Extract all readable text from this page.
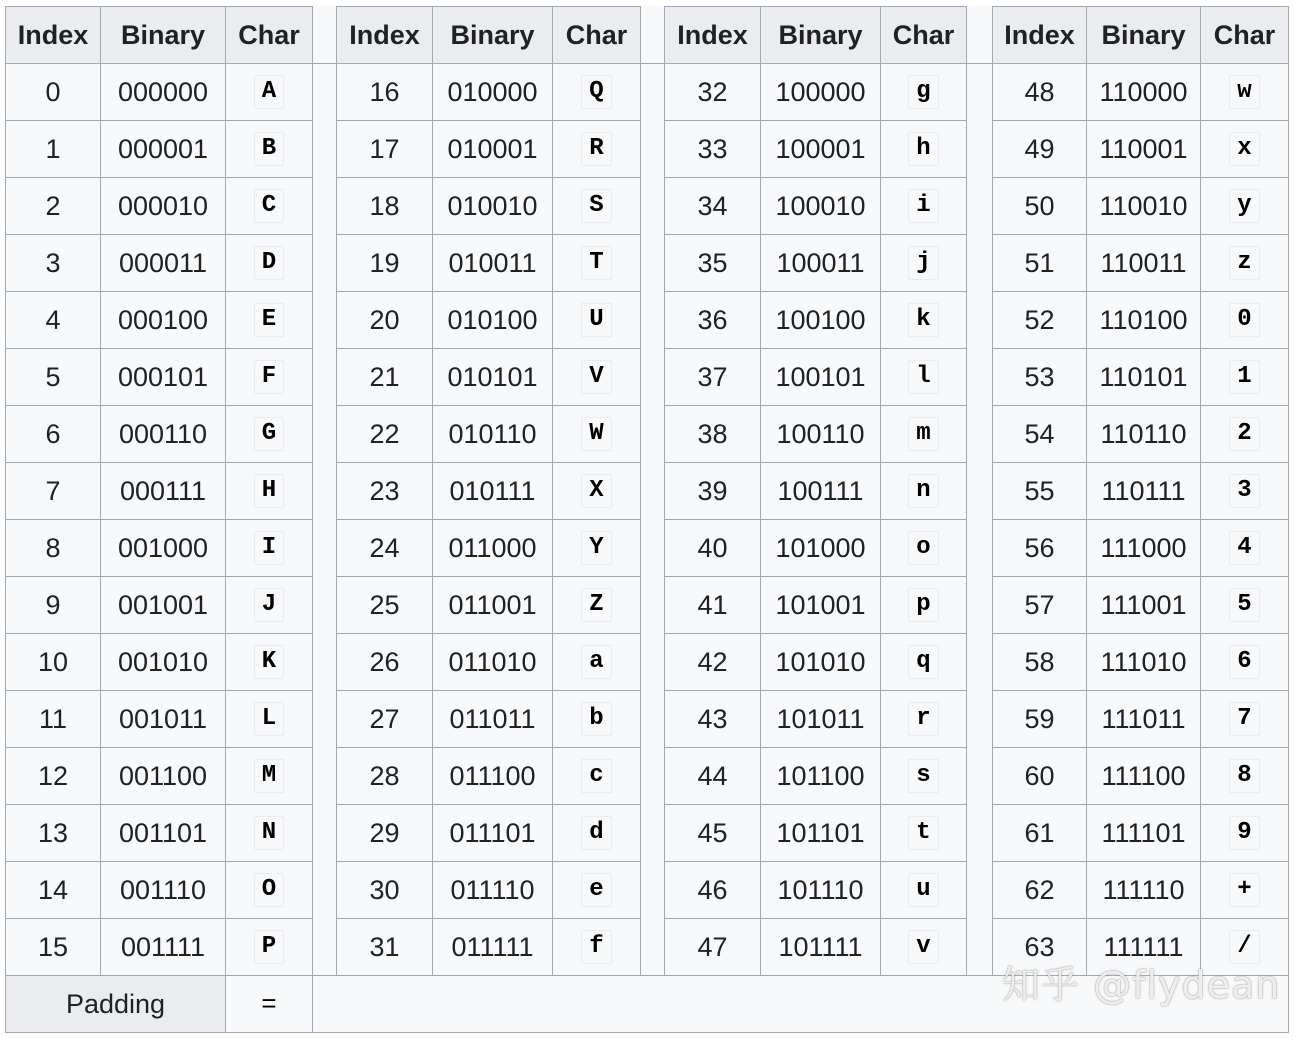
Index	Binary	Char		Index	Binary	Char		Index	Binary	Char		Index	Binary	Char
0	000000	A		16	010000	Q		32	100000	g		48	110000	w
1	000001	B		17	010001	R		33	100001	h		49	110001	x
2	000010	C		18	010010	S		34	100010	i		50	110010	y
3	000011	D		19	010011	T		35	100011	j		51	110011	z
4	000100	E		20	010100	U		36	100100	k		52	110100	0
5	000101	F		21	010101	V		37	100101	l		53	110101	1
6	000110	G		22	010110	W		38	100110	m		54	110110	2
7	000111	H		23	010111	X		39	100111	n		55	110111	3
8	001000	I		24	011000	Y		40	101000	o		56	111000	4
9	001001	J		25	011001	Z		41	101001	p		57	111001	5
10	001010	K		26	011010	a		42	101010	q		58	111010	6
11	001011	L		27	011011	b		43	101011	r		59	111011	7
12	001100	M		28	011100	c		44	101100	s		60	111100	8
13	001101	N		29	011101	d		45	101101	t		61	111101	9
14	001110	O		30	011110	e		46	101110	u		62	111110	+
15	001111	P		31	011111	f		47	101111	v		63	111111	/
Padding		=													知乎 @flydean
